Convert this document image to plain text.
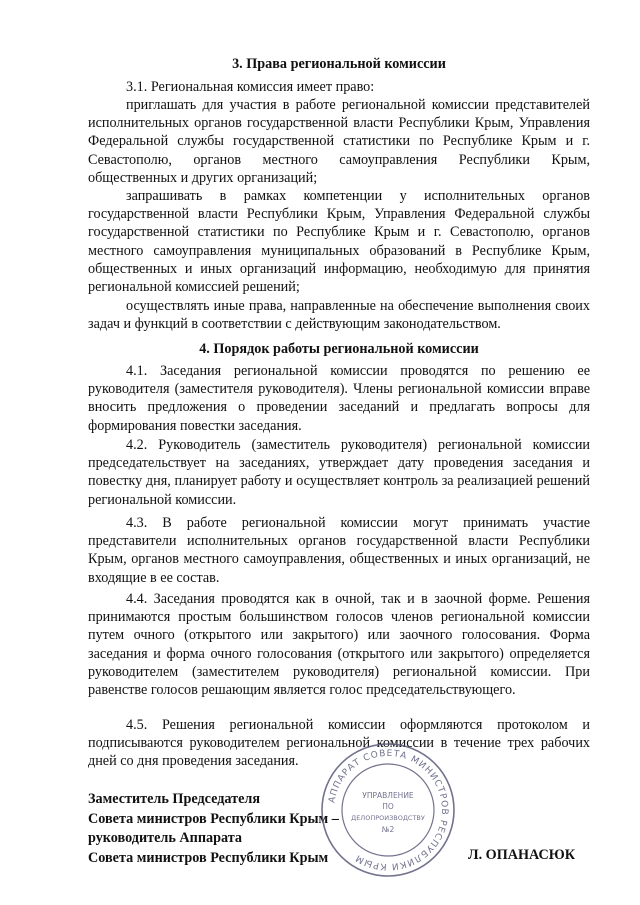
3. Права региональной комиссии
3.1. Региональная комиссия имеет право:
приглашать для участия в работе региональной комиссии представителей исполнительных органов государственной власти Республики Крым, Управления Федеральной службы государственной статистики по Республике Крым и г. Севастополю, органов местного самоуправления Республики Крым, общественных и других организаций;
запрашивать в рамках компетенции у исполнительных органов государственной власти Республики Крым, Управления Федеральной службы государственной статистики по Республике Крым и г. Севастополю, органов местного самоуправления муниципальных образований в Республике Крым, общественных и иных организаций информацию, необходимую для принятия региональной комиссией решений;
осуществлять иные права, направленные на обеспечение выполнения своих задач и функций в соответствии с действующим законодательством.
4. Порядок работы региональной комиссии
4.1. Заседания региональной комиссии проводятся по решению ее руководителя (заместителя руководителя). Члены региональной комиссии вправе вносить предложения о проведении заседаний и предлагать вопросы для формирования повестки заседания.
4.2. Руководитель (заместитель руководителя) региональной комиссии председательствует на заседаниях, утверждает дату проведения заседания и повестку дня, планирует работу и осуществляет контроль за реализацией решений региональной комиссии.
4.3. В работе региональной комиссии могут принимать участие представители исполнительных органов государственной власти Республики Крым, органов местного самоуправления, общественных и иных организаций, не входящие в ее состав.
4.4. Заседания проводятся как в очной, так и в заочной форме. Решения принимаются простым большинством голосов членов региональной комиссии путем очного (открытого или закрытого) или заочного голосования. Форма заседания и форма очного голосования (открытого или закрытого) определяется руководителем (заместителем руководителя) региональной комиссии. При равенстве голосов решающим является голос председательствующего.
4.5. Решения региональной комиссии оформляются протоколом и подписываются руководителем региональной комиссии в течение трех рабочих дней со дня проведения заседания.
Заместитель Председателя
Совета министров Республики Крым –
руководитель Аппарата
Совета министров Республики Крым	Л. ОПАНАСЮК
АППАРАТ СОВЕТА МИНИСТРОВ РЕСПУБЛИКИ КРЫМ
УПРАВЛЕНИЕ
ПО
ДЕЛОПРОИЗВОДСТВУ
№2
